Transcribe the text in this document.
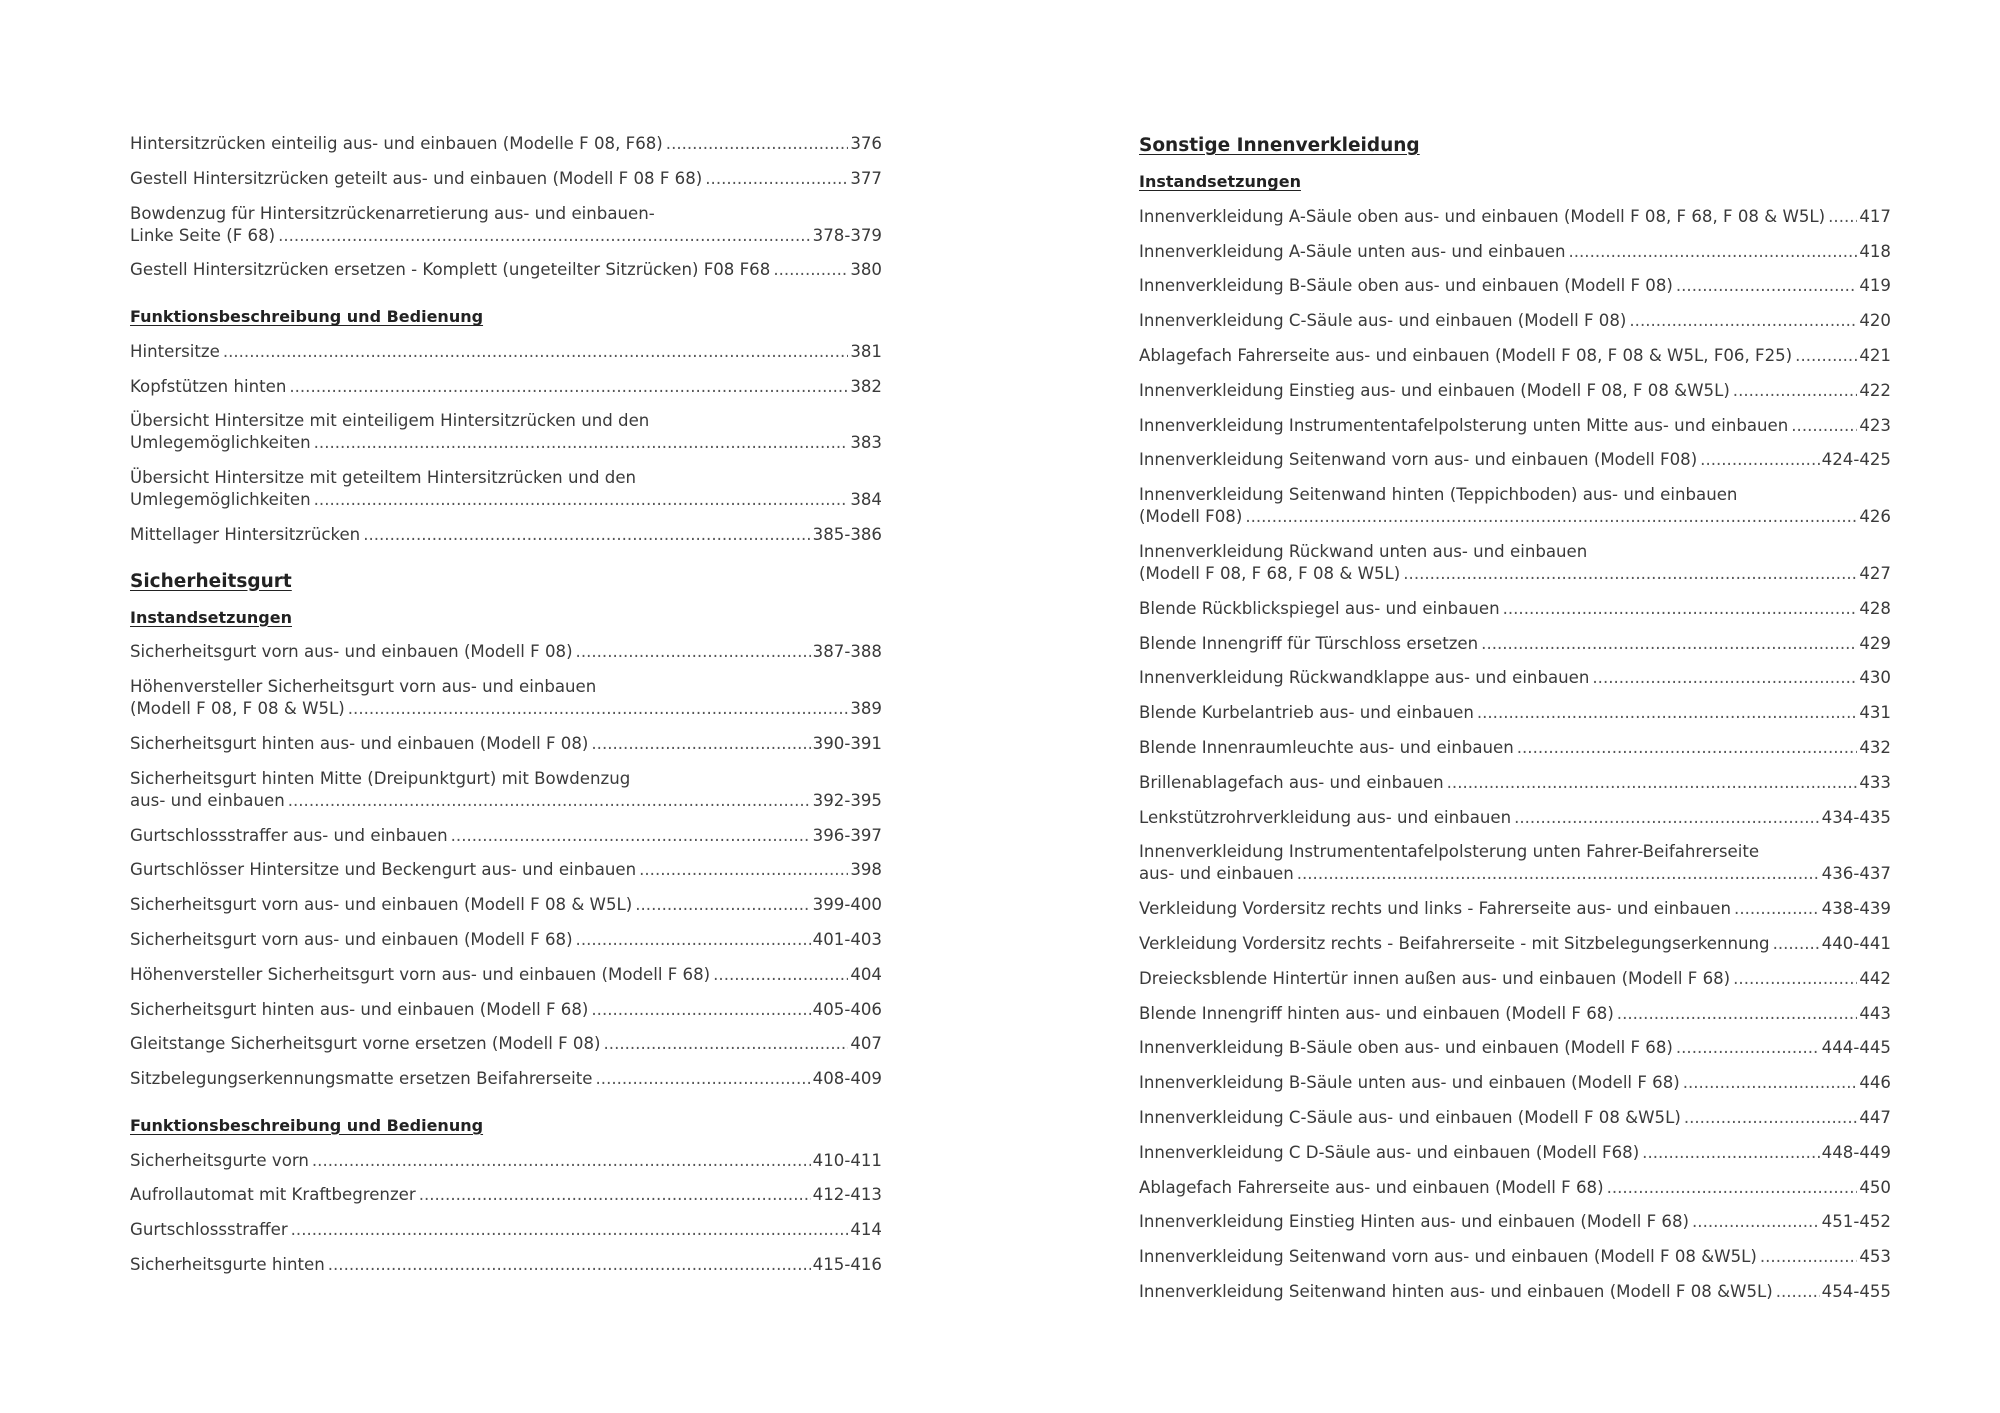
Hintersitzrücken einteilig aus- und einbauen (Modelle F 08, F68) .....	376
Gestell Hintersitzrücken geteilt aus- und einbauen (Modell F 08 F 68) .....	377
Bowdenzug für Hintersitzrückenarretierung aus- und einbauen-
Linke Seite (F 68) .....	378-379
Gestell Hintersitzrücken ersetzen - Komplett (ungeteilter Sitzrücken) F08 F68 .....	380
Funktionsbeschreibung und Bedienung
Hintersitze .....	381
Kopfstützen hinten .....	382
Übersicht Hintersitze mit einteiligem Hintersitzrücken und den
Umlegemöglichkeiten .....	383
Übersicht Hintersitze mit geteiltem Hintersitzrücken und den
Umlegemöglichkeiten .....	384
Mittellager Hintersitzrücken .....	385-386
Sicherheitsgurt
Instandsetzungen
Sicherheitsgurt vorn aus- und einbauen (Modell F 08) .....	387-388
Höhenversteller Sicherheitsgurt vorn aus- und einbauen
(Modell F 08, F 08 & W5L) .....	389
Sicherheitsgurt hinten aus- und einbauen (Modell F 08) .....	390-391
Sicherheitsgurt hinten Mitte (Dreipunktgurt) mit Bowdenzug
aus- und einbauen .....	392-395
Gurtschlossstraffer aus- und einbauen .....	396-397
Gurtschlösser Hintersitze und Beckengurt aus- und einbauen .....	398
Sicherheitsgurt vorn aus- und einbauen (Modell F 08 & W5L) .....	399-400
Sicherheitsgurt vorn aus- und einbauen (Modell F 68) .....	401-403
Höhenversteller Sicherheitsgurt vorn aus- und einbauen (Modell F 68) .....	404
Sicherheitsgurt hinten aus- und einbauen (Modell F 68) .....	405-406
Gleitstange Sicherheitsgurt vorne ersetzen (Modell F 08) .....	407
Sitzbelegungserkennungsmatte ersetzen Beifahrerseite .....	408-409
Funktionsbeschreibung und Bedienung
Sicherheitsgurte vorn .....	410-411
Aufrollautomat mit Kraftbegrenzer .....	412-413
Gurtschlossstraffer .....	414
Sicherheitsgurte hinten .....	415-416
Sonstige Innenverkleidung
Instandsetzungen
Innenverkleidung A-Säule oben aus- und einbauen (Modell F 08, F 68, F 08 & W5L) ..... 417
Innenverkleidung A-Säule unten aus- und einbauen .....	418
Innenverkleidung B-Säule oben aus- und einbauen (Modell F 08) .....	419
Innenverkleidung C-Säule aus- und einbauen (Modell F 08) .....	420
Ablagefach Fahrerseite aus- und einbauen (Modell F 08, F 08 & W5L, F06, F25) .....	421
Innenverkleidung Einstieg aus- und einbauen (Modell F 08, F 08 &W5L) .....	422
Innenverkleidung Instrumententafelpolsterung unten Mitte aus- und einbauen .....	423
Innenverkleidung Seitenwand vorn aus- und einbauen (Modell F08) .....	424-425
Innenverkleidung Seitenwand hinten (Teppichboden) aus- und einbauen
(Modell F08) .....	426
Innenverkleidung Rückwand unten aus- und einbauen
(Modell F 08, F 68, F 08 & W5L) .....	427
Blende Rückblickspiegel aus- und einbauen .....	428
Blende Innengriff für Türschloss ersetzen .....	429
Innenverkleidung Rückwandklappe aus- und einbauen .....	430
Blende Kurbelantrieb aus- und einbauen .....	431
Blende Innenraumleuchte aus- und einbauen .....	432
Brillenablagefach aus- und einbauen .....	433
Lenkstützrohrverkleidung aus- und einbauen .....	434-435
Innenverkleidung Instrumententafelpolsterung unten Fahrer-Beifahrerseite
aus- und einbauen .....	436-437
Verkleidung Vordersitz rechts und links - Fahrerseite aus- und einbauen .....	438-439
Verkleidung Vordersitz rechts - Beifahrerseite - mit Sitzbelegungserkennung .....	440-441
Dreiecksblende Hintertür innen außen aus- und einbauen (Modell F 68) .....	442
Blende Innengriff hinten aus- und einbauen (Modell F 68) .....	443
Innenverkleidung B-Säule oben aus- und einbauen (Modell F 68) .....	444-445
Innenverkleidung B-Säule unten aus- und einbauen (Modell F 68) .....	446
Innenverkleidung C-Säule aus- und einbauen (Modell F 08 &W5L) .....	447
Innenverkleidung C D-Säule aus- und einbauen (Modell F68) .....	448-449
Ablagefach Fahrerseite aus- und einbauen (Modell F 68) .....	450
Innenverkleidung Einstieg Hinten aus- und einbauen (Modell F 68) .....	451-452
Innenverkleidung Seitenwand vorn aus- und einbauen (Modell F 08 &W5L) .....	453
Innenverkleidung Seitenwand hinten aus- und einbauen (Modell F 08 &W5L) .....	454-455
